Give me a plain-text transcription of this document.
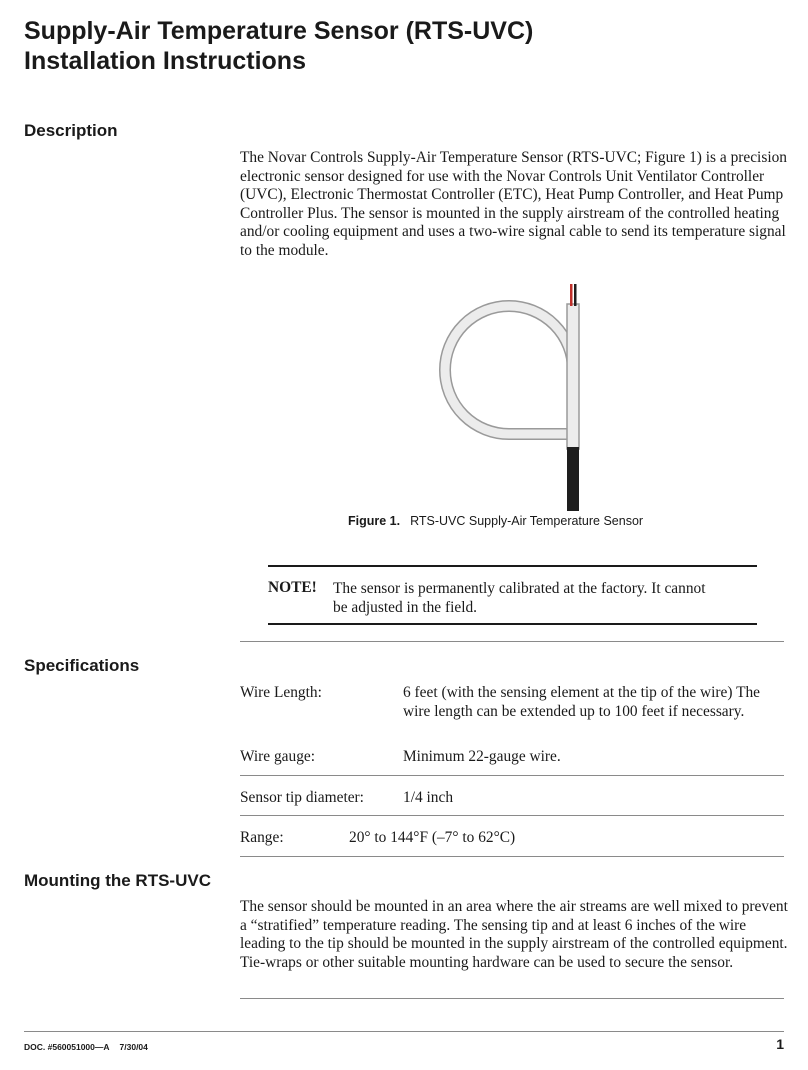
Supply-Air Temperature Sensor (RTS-UVC)
Installation Instructions
Description

The Novar Controls Supply-Air Temperature Sensor (RTS-UVC; Figure 1) is a precision electronic sensor designed for use with the Novar Controls Unit Ventilator Controller (UVC), Electronic Thermostat Controller (ETC), Heat Pump Controller, and Heat Pump Controller Plus. The sensor is mounted in the supply airstream of the controlled heating and/or cooling equipment and uses a two-wire signal cable to send its temperature signal to the module.

Figure 1. RTS-UVC Supply-Air Temperature Sensor
NOTE! The sensor is permanently calibrated at the factory. It cannot be adjusted in the field.
Specifications
Wire Length:	6 feet (with the sensing element at the tip of the wire) The wire length can be extended up to 100 feet if necessary.
Wire gauge:	Minimum 22-gauge wire.
Sensor tip diameter:	1/4 inch
Range:	20° to 144°F (–7° to 62°C)
Mounting the RTS-UVC

The sensor should be mounted in an area where the air streams are well mixed to prevent a “stratified” temperature reading. The sensing tip and at least 6 inches of the wire leading to the tip should be mounted in the supply airstream of the controlled equipment. Tie-wraps or other suitable mounting hardware can be used to secure the sensor.

DOC. #560051000—A 7/30/04	1
